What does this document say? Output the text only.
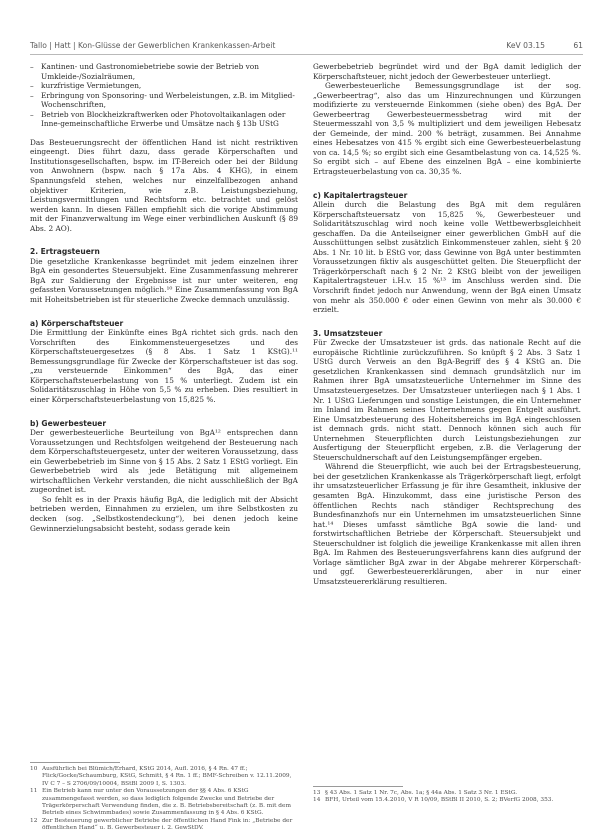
Tallo | Hatt | Kon-Glüsse der Gewerblichen Krankenkassen-Arbeit	KeV 03.15	61
– Kantinen- und Gastronomiebetriebe sowie der Betrieb von Umkleide-/Sozialräumen,
– kurzfristige Vermietungen,
– Erbringung von Sponsoring- und Werbeleistungen, z.B. im Mitglied-Wochenschriften,
– Betrieb von Blockheizkraftwerken oder Photovoltaikanlagen oder
Inne-gemeinschaftliche Erwerbe und Umsätze nach § 13b UStG

Das Besteuerungsrecht der öffentlichen Hand ist nicht restriktiven eingeengt. Dies führt dazu, dass gerade Körperschaften und Institutionsgesellschaften, bspw. im IT-Bereich oder bei der Bildung von Anwohnern (bspw. nach § 17a Abs. 4 KHG), in einem Spannungsfeld stehen, welches nur einzelfallbezogen anhand objektiver Kriterien, wie z.B. Leistungsbeziehung, Leistungsvermittlungen und Rechtsform etc. betrachtet und gelöst werden kann. In diesen Fällen empfiehlt sich die vorige Abstimmung mit der Finanzverwaltung im Wege einer verbindlichen Auskunft (§ 89 Abs. 2 AO).

2. Ertragsteuern

Die gesetzliche Krankenkasse begründet mit jedem einzelnen ihrer BgA ein gesondertes Steuersubjekt. Eine Zusammenfassung mehrerer BgA zur Saldierung der Ergebnisse ist nur unter weiteren, eng gefassten Voraussetzungen möglich.¹⁰ Eine Zusammenfassung von BgA mit Hoheitsbetrieben ist für steuerliche Zwecke demnach unzulässig.

a) Körperschaftsteuer

Die Ermittlung der Einkünfte eines BgA richtet sich grds. nach den Vorschriften des Einkommensteuergesetzes und des Körperschaftsteuergesetzes (§ 8 Abs. 1 Satz 1 KStG).¹¹ Bemessungsgrundlage für Zwecke der Körperschaftsteuer ist das sog. „zu versteuernde Einkommen“ des BgA, das einer Körperschaftsteuerbelastung von 15 % unterliegt. Zudem ist ein Solidaritätszuschlag in Höhe von 5,5 % zu erheben. Dies resultiert in einer Körperschaftsteuerbelastung von 15,825 %.

b) Gewerbesteuer

Der gewerbesteuerliche Beurteilung von BgA¹² entsprechen dann Voraussetzungen und Rechtsfolgen weitgehend der Besteuerung nach dem Körperschaftsteuergesetz, unter der weiteren Voraussetzung, dass ein Gewerbebetrieb im Sinne von § 15 Abs. 2 Satz 1 EStG vorliegt. Ein Gewerbebetrieb wird als jede Betätigung mit allgemeinem wirtschaftlichen Verkehr verstanden, die nicht ausschließlich der BgA zugeordnet ist.

So fehlt es in der Praxis häufig BgA, die lediglich mit der Absicht betrieben werden, Einnahmen zu erzielen, um ihre Selbstkosten zu decken (sog. „Selbstkostendeckung“), bei denen jedoch keine Gewinnerzielungsabsicht besteht, sodass gerade kein

Gewerbebetrieb begründet wird und der BgA damit lediglich der Körperschaftsteuer, nicht jedoch der Gewerbesteuer unterliegt.

Gewerbesteuerliche Bemessungsgrundlage ist der sog. „Gewerbeertrag“, also das um Hinzurechnungen und Kürzungen modifizierte zu versteuernde Einkommen (siehe oben) des BgA. Der Gewerbeertrag Gewerbesteuermessbetrag wird mit der Steuermesszahl von 3,5 % multipliziert und dem jeweiligen Hebesatz der Gemeinde, der mind. 200 % beträgt, zusammen. Bei Annahme eines Hebesatzes von 415 % ergibt sich eine Gewerbesteuerbelastung von ca. 14,5 %; so ergibt sich eine Gesamtbelastung von ca. 14,525 %. So ergibt sich – auf Ebene des einzelnen BgA – eine kombinierte Ertragsteuerbelastung von ca. 30,35 %.

c) Kapitalertragsteuer

Allein durch die Belastung des BgA mit dem regulären Körperschaftsteuersatz von 15,825 %, Gewerbesteuer und Solidaritätszuschlag wird noch keine volle Wettbewerbsgleichheit geschaffen. Da die Anteilseigner einer gewerblichen GmbH auf die Ausschüttungen selbst zusätzlich Einkommensteuer zahlen, sieht § 20 Abs. 1 Nr. 10 lit. b EStG vor, dass Gewinne von BgA unter bestimmten Voraussetzungen fiktiv als ausgeschüttet gelten. Die Steuerpflicht der Trägerkörperschaft nach § 2 Nr. 2 KStG bleibt von der jeweiligen Kapitalertragsteuer i.H.v. 15 %¹³ im Anschluss werden sind. Die Vorschrift findet jedoch nur Anwendung, wenn der BgA einen Umsatz von mehr als 350.000 € oder einen Gewinn von mehr als 30.000 € erzielt.

3. Umsatzsteuer

Für Zwecke der Umsatzsteuer ist grds. das nationale Recht auf die europäische Richtlinie zurückzuführen. So knüpft § 2 Abs. 3 Satz 1 UStG durch Verweis an den BgA-Begriff des § 4 KStG an. Die gesetzlichen Krankenkassen sind demnach grundsätzlich nur im Rahmen ihrer BgA umsatzsteuerliche Unternehmer im Sinne des Umsatzsteuergesetzes. Der Umsatzsteuer unterliegen nach § 1 Abs. 1 Nr. 1 UStG Lieferungen und sonstige Leistungen, die ein Unternehmer im Inland im Rahmen seines Unternehmens gegen Entgelt ausführt. Eine Umsatzbesteuerung des Hoheitsbereichs im BgA eingeschlossen ist demnach grds. nicht statt. Dennoch können sich auch für Unternehmen Steuerpflichten durch Leistungsbeziehungen zur Ausfertigung der Steuerpflicht ergeben, z.B. die Verlagerung der Steuerschuldnerschaft auf den Leistungsempfänger ergeben.

Während die Steuerpflicht, wie auch bei der Ertragsbesteuerung, bei der gesetzlichen Krankenkasse als Trägerkörperschaft liegt, erfolgt ihr umsatzsteuerlicher Erfassung je für ihre Gesamtheit, inklusive der gesamten BgA. Hinzukommt, dass eine juristische Person des öffentlichen Rechts nach ständiger Rechtsprechung des Bundesfinanzhofs nur ein Unternehmen im umsatzsteuerlichen Sinne hat.¹⁴ Dieses umfasst sämtliche BgA sowie die land- und forstwirtschaftlichen Betriebe der Körperschaft. Steuersubjekt und Steuerschuldner ist folglich die jeweilige Krankenkasse mit allen ihren BgA. Im Rahmen des Besteuerungsverfahrens kann dies aufgrund der Vorlage sämtlicher BgA zwar in der Abgabe mehrerer Körperschaft- und ggf. Gewerbesteuererklärungen, aber in nur einer Umsatzsteuererklärung resultieren.

10 Ausführlich bei Blümich/Erhard, KStG 2014, Aufl. 2016, § 4 Rn. 47 ff.; Flick/Gocke/Schaumburg, KStG, Schmitt, § 4 Rn. 1 ff.; BMF-Schreiben v. 12.11.2009, IV C 7 – S 2706/09/10004, BStBl 2009 I, S. 1303.
11 Ein Betrieb kann nur unter den Voraussetzungen der §§ 4 Abs. 6 KStG zusammengefasst werden, so dass lediglich folgende Zwecke und Betriebe der Trägerkörperschaft Verwendung finden, die z. B. Betriebsbereitschaft (z. B. mit dem Betrieb eines Schwimmbades) sowie Zusammenfassung in § 4 Abs. 6 KStG.
12 Zur Besteuerung gewerblicher Betriebe der öffentlichen Hand Fink in: „Betriebe der öffentlichen Hand“ u. B. Gewerbesteuer i. 2. GewStDV.
13 § 43 Abs. 1 Satz 1 Nr. 7c, Abs. 1a; § 44a Abs. 1 Satz 3 Nr. 1 EStG.
14 BFH, Urteil vom 15.4.2010, V R 10/09, BStBl II 2010, S. 2; BVerfG 2008, 353.
